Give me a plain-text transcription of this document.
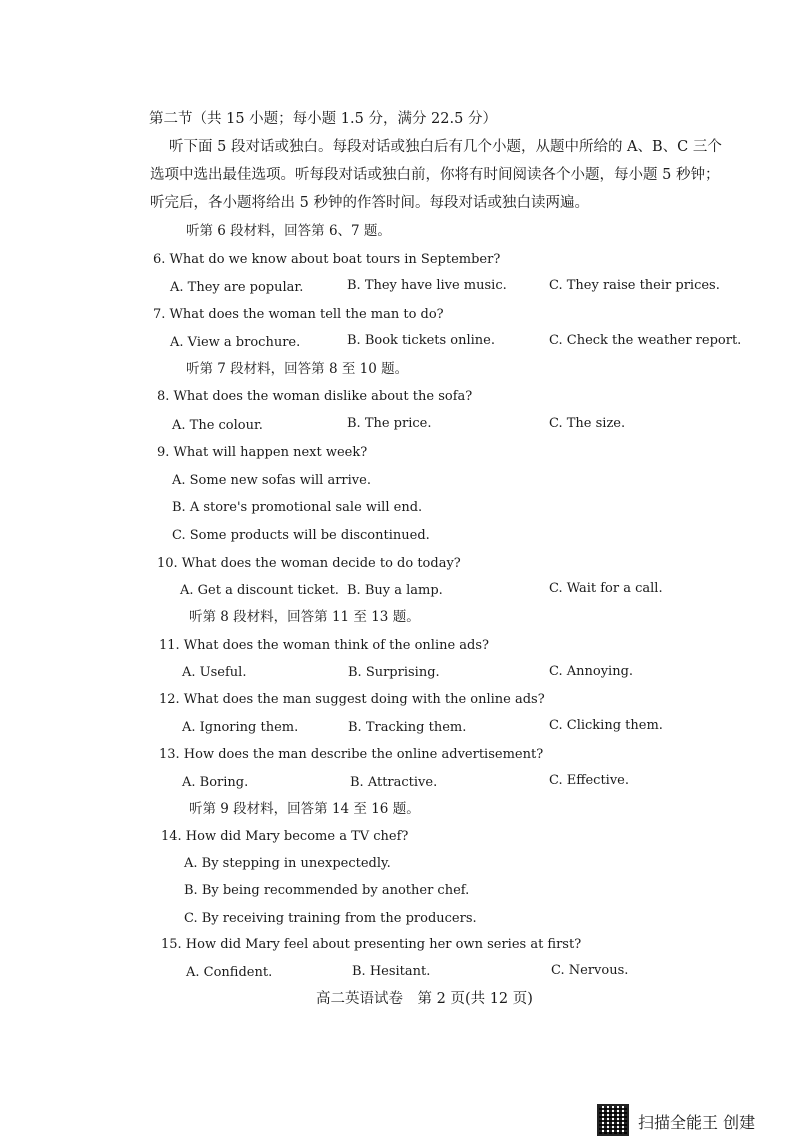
第二节（共 15 小题；每小题 1.5 分，满分 22.5 分）
听下面 5 段对话或独白。每段对话或独白后有几个小题，从题中所给的 A、B、C 三个
选项中选出最佳选项。听每段对话或独白前，你将有时间阅读各个小题，每小题 5 秒钟；
听完后，各小题将给出 5 秒钟的作答时间。每段对话或独白读两遍。
听第 6 段材料，回答第 6、7 题。
6. What do we know about boat tours in September?
A. They are popular.	B. They have live music.	C. They raise their prices.
7. What does the woman tell the man to do?
A. View a brochure.	B. Book tickets online.	C. Check the weather report.
听第 7 段材料，回答第 8 至 10 题。
8. What does the woman dislike about the sofa?
A. The colour.	B. The price.	C. The size.
9. What will happen next week?
A. Some new sofas will arrive.
B. A store's promotional sale will end.
C. Some products will be discontinued.
10. What does the woman decide to do today?
A. Get a discount ticket. B. Buy a lamp.	C. Wait for a call.
听第 8 段材料，回答第 11 至 13 题。
11. What does the woman think of the online ads?
A. Useful.	B. Surprising.	C. Annoying.
12. What does the man suggest doing with the online ads?
A. Ignoring them.	B. Tracking them.	C. Clicking them.
13. How does the man describe the online advertisement?
A. Boring.	B. Attractive.	C. Effective.
听第 9 段材料，回答第 14 至 16 题。
14. How did Mary become a TV chef?
A. By stepping in unexpectedly.
B. By being recommended by another chef.
C. By receiving training from the producers.
15. How did Mary feel about presenting her own series at first?
A. Confident.	B. Hesitant.	C. Nervous.
高二英语试卷　第 2 页(共 12 页)
扫描全能王 创建
